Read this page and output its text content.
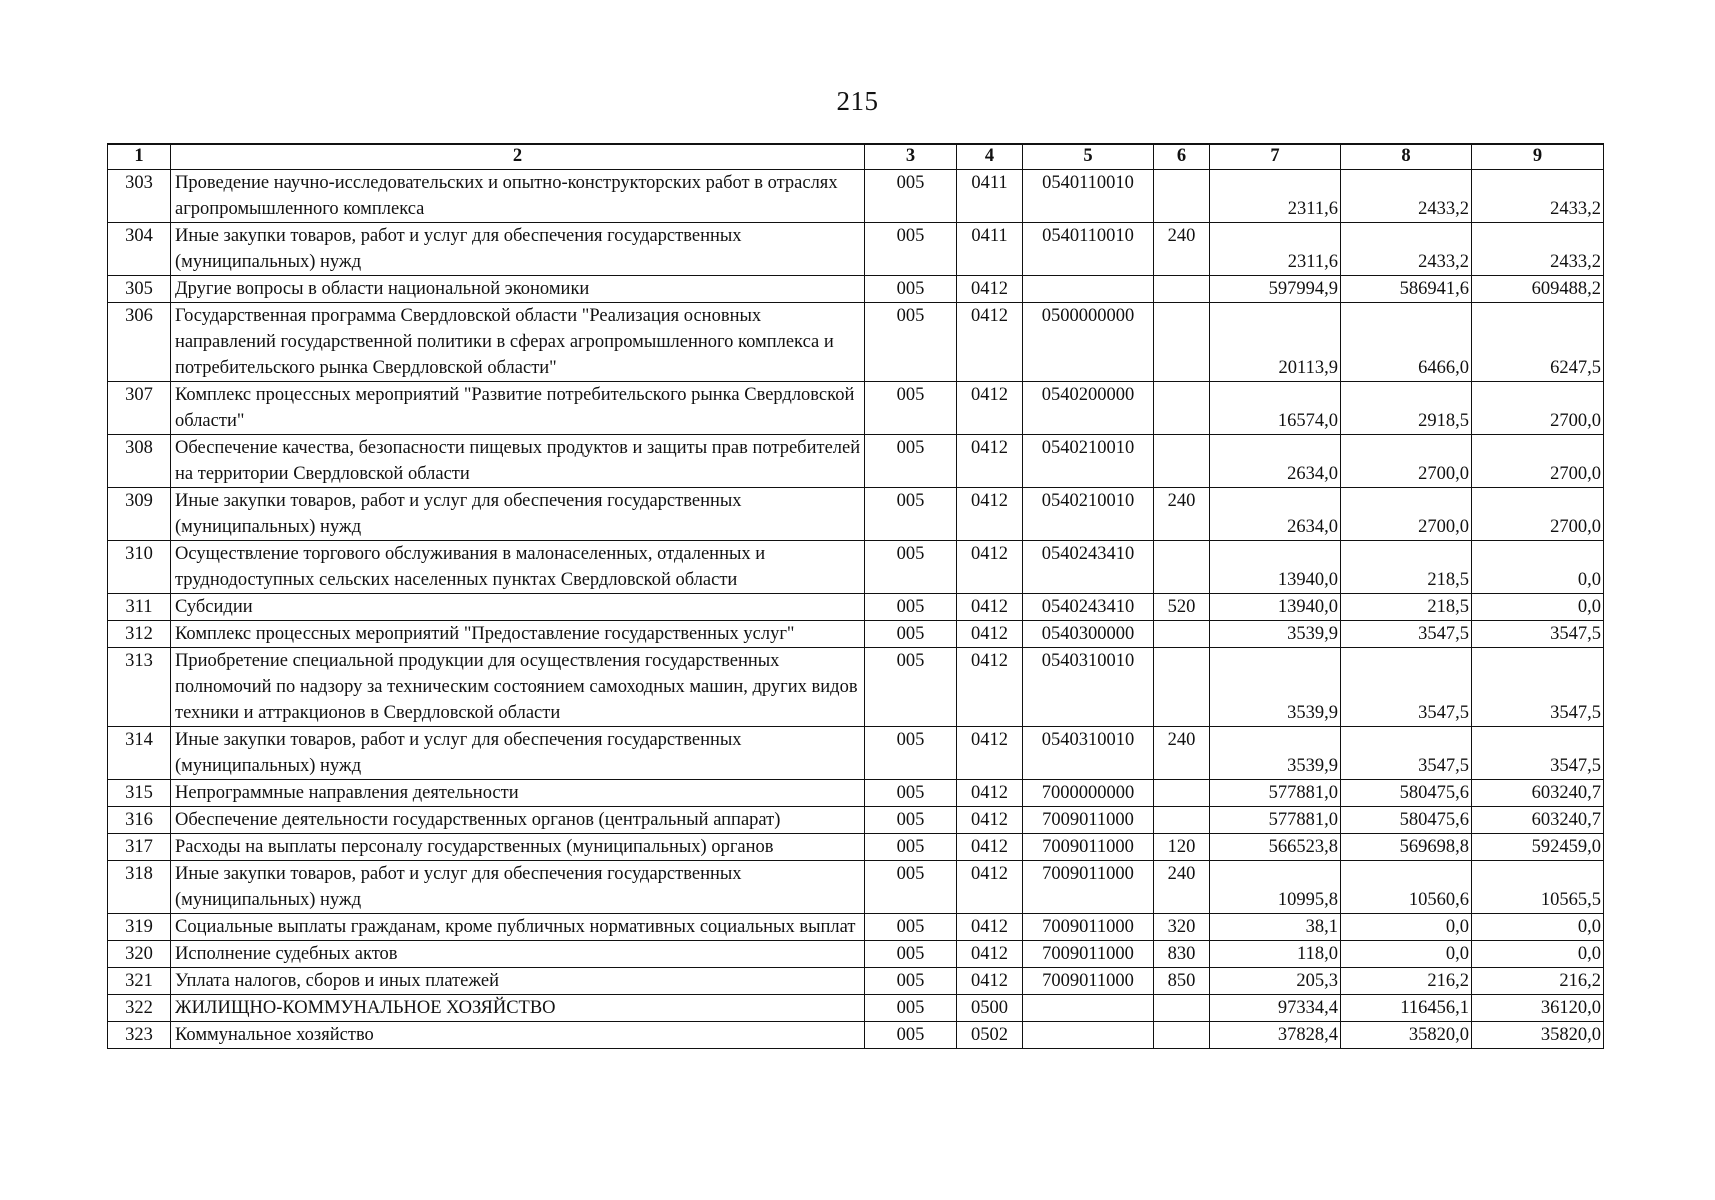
215
1	2	3	4	5	6	7	8	9
303	Проведение научно-исследовательских и опытно-конструкторских работ в отраслях агропромышленного комплекса	005	0411	0540110010		2311,6	2433,2	2433,2
304	Иные закупки товаров, работ и услуг для обеспечения государственных (муниципальных) нужд	005	0411	0540110010	240	2311,6	2433,2	2433,2
305	Другие вопросы в области национальной экономики	005	0412			597994,9	586941,6	609488,2
306	Государственная программа Свердловской области "Реализация основных направлений государственной политики в сферах агропромышленного комплекса и потребительского рынка Свердловской области"	005	0412	0500000000		20113,9	6466,0	6247,5
307	Комплекс процессных мероприятий "Развитие потребительского рынка Свердловской области"	005	0412	0540200000		16574,0	2918,5	2700,0
308	Обеспечение качества, безопасности пищевых продуктов и защиты прав потребителей на территории Свердловской области	005	0412	0540210010		2634,0	2700,0	2700,0
309	Иные закупки товаров, работ и услуг для обеспечения государственных (муниципальных) нужд	005	0412	0540210010	240	2634,0	2700,0	2700,0
310	Осуществление торгового обслуживания в малонаселенных, отдаленных и труднодоступных сельских населенных пунктах Свердловской области	005	0412	0540243410		13940,0	218,5	0,0
311	Субсидии	005	0412	0540243410	520	13940,0	218,5	0,0
312	Комплекс процессных мероприятий "Предоставление государственных услуг"	005	0412	0540300000		3539,9	3547,5	3547,5
313	Приобретение специальной продукции для осуществления государственных полномочий по надзору за техническим состоянием самоходных машин, других видов техники и аттракционов в Свердловской области	005	0412	0540310010		3539,9	3547,5	3547,5
314	Иные закупки товаров, работ и услуг для обеспечения государственных (муниципальных) нужд	005	0412	0540310010	240	3539,9	3547,5	3547,5
315	Непрограммные направления деятельности	005	0412	7000000000		577881,0	580475,6	603240,7
316	Обеспечение деятельности государственных органов (центральный аппарат)	005	0412	7009011000		577881,0	580475,6	603240,7
317	Расходы на выплаты персоналу государственных (муниципальных) органов	005	0412	7009011000	120	566523,8	569698,8	592459,0
318	Иные закупки товаров, работ и услуг для обеспечения государственных (муниципальных) нужд	005	0412	7009011000	240	10995,8	10560,6	10565,5
319	Социальные выплаты гражданам, кроме публичных нормативных социальных выплат	005	0412	7009011000	320	38,1	0,0	0,0
320	Исполнение судебных актов	005	0412	7009011000	830	118,0	0,0	0,0
321	Уплата налогов, сборов и иных платежей	005	0412	7009011000	850	205,3	216,2	216,2
322	ЖИЛИЩНО-КОММУНАЛЬНОЕ ХОЗЯЙСТВО	005	0500			97334,4	116456,1	36120,0
323	Коммунальное хозяйство	005	0502			37828,4	35820,0	35820,0
